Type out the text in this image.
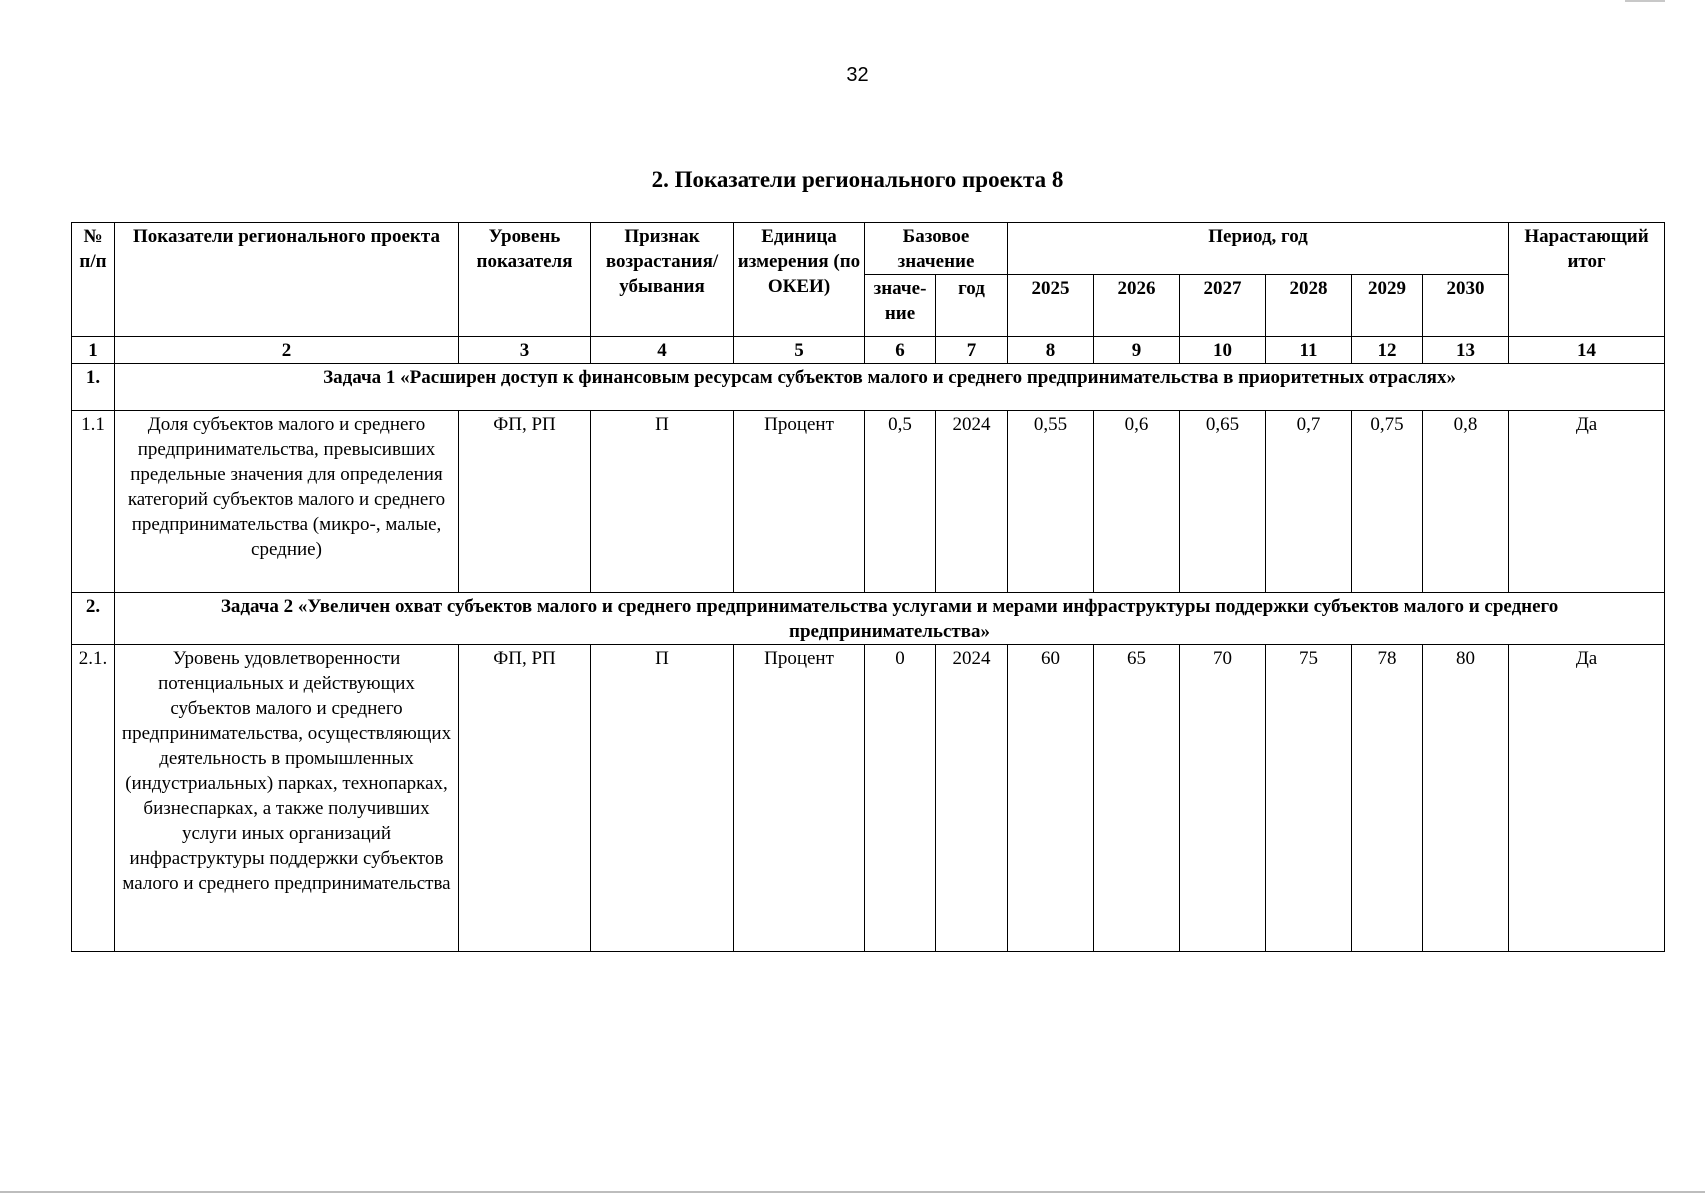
32
2. Показатели регионального проекта 8
№ п/п	Показатели регионального проекта	Уровень показателя	Признак возрастания/ убывания	Единица измерения (по ОКЕИ)	Базовое значение		Период, год						Нарастающий итог
					значе- ние	год	2025	2026	2027	2028	2029	2030	
1	2	3	4	5	6	7	8	9	10	11	12	13	14
1.	Задача 1 «Расширен доступ к финансовым ресурсам субъектов малого и среднего предпринимательства в приоритетных отраслях»												
1.1	Доля субъектов малого и среднего предпринимательства, превысивших предельные значения для определения категорий субъектов малого и среднего предпринимательства (микро-, малые, средние)	ФП, РП	П	Процент	0,5	2024	0,55	0,6	0,65	0,7	0,75	0,8	Да
2.	Задача 2 «Увеличен охват субъектов малого и среднего предпринимательства услугами и мерами инфраструктуры поддержки субъектов малого и среднего предпринимательства»												
2.1.	Уровень удовлетворенности потенциальных и действующих субъектов малого и среднего предпринимательства, осуществляющих деятельность в промышленных (индустриальных) парках, технопарках, бизнеспарках, а также получивших услуги иных организаций инфраструктуры поддержки субъектов малого и среднего предпринимательства	ФП, РП	П	Процент	0	2024	60	65	70	75	78	80	Да
